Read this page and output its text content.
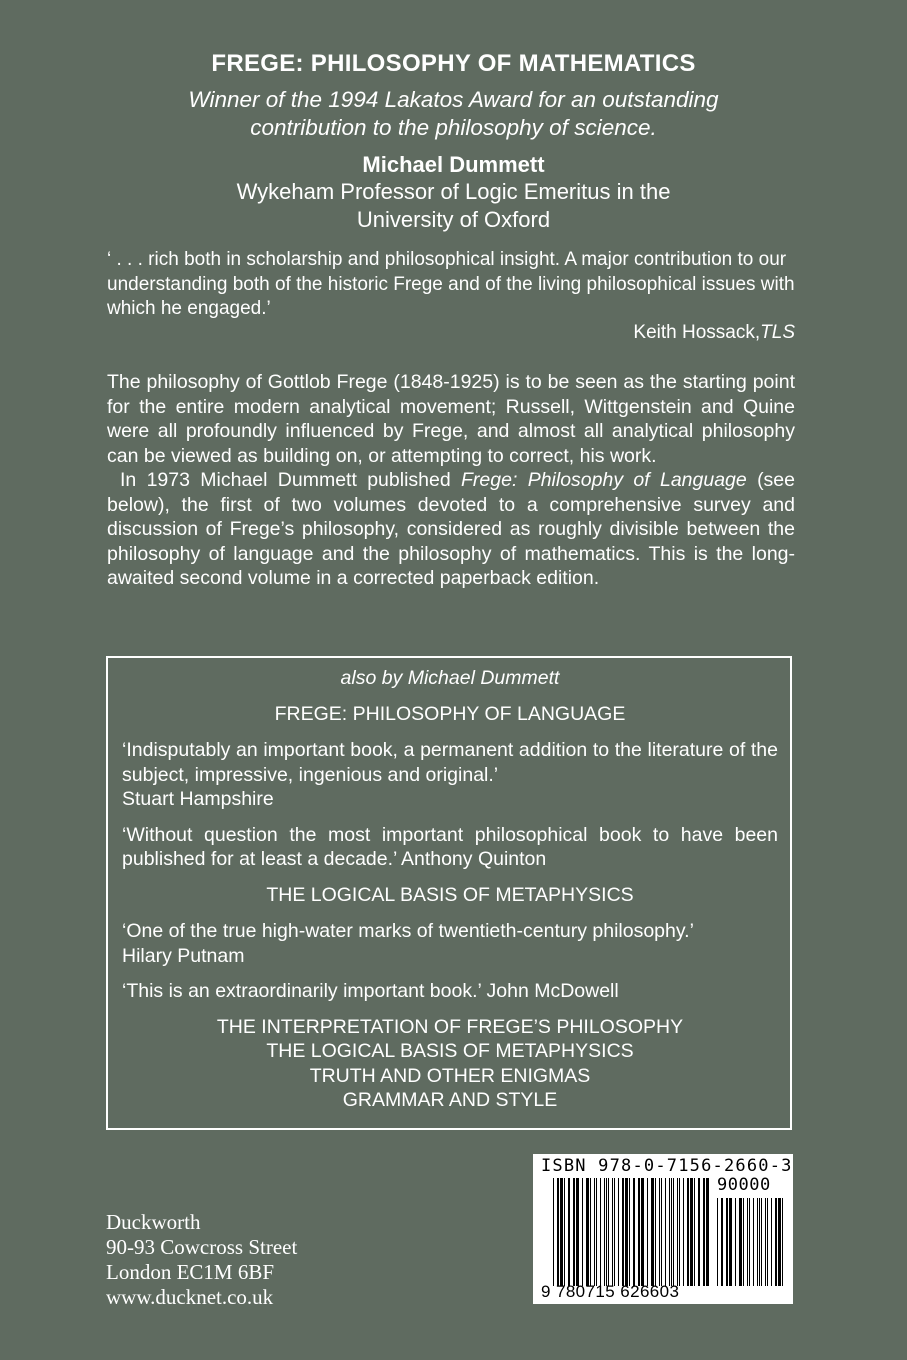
FREGE: PHILOSOPHY OF MATHEMATICS
Winner of the 1994 Lakatos Award for an outstanding
contribution to the philosophy of science.
Michael Dummett
Wykeham Professor of Logic Emeritus in the
University of Oxford
‘ . . . rich both in scholarship and philosophical insight. A major contribution to our understanding both of the historic Frege and of the living philosophical issues with which he engaged.’
Keith Hossack,TLS

The philosophy of Gottlob Frege (1848-1925) is to be seen as the starting point for the entire modern analytical movement; Russell, Wittgenstein and Quine were all profoundly influenced by Frege, and almost all analytical philosophy can be viewed as building on, or attempting to correct, his work.

In 1973 Michael Dummett published Frege: Philosophy of Language (see below), the first of two volumes devoted to a comprehensive survey and discussion of Frege’s philosophy, considered as roughly divisible between the philosophy of language and the philosophy of mathematics. This is the long-awaited second volume in a corrected paperback edition.

also by Michael Dummett

FREGE: PHILOSOPHY OF LANGUAGE

‘Indisputably an important book, a permanent addition to the literature of the subject, impressive, ingenious and original.’
Stuart Hampshire

‘Without question the most important philosophical book to have been published for at least a decade.’ Anthony Quinton

THE LOGICAL BASIS OF METAPHYSICS

‘One of the true high-water marks of twentieth-century philosophy.’
Hilary Putnam

‘This is an extraordinarily important book.’ John McDowell

THE INTERPRETATION OF FREGE’S PHILOSOPHY

THE LOGICAL BASIS OF METAPHYSICS

TRUTH AND OTHER ENIGMAS

GRAMMAR AND STYLE

ISBN 978-0-7156-2660-3
90000
9 780715 626603
Duckworth
90-93 Cowcross Street
London EC1M 6BF
www.ducknet.co.uk
